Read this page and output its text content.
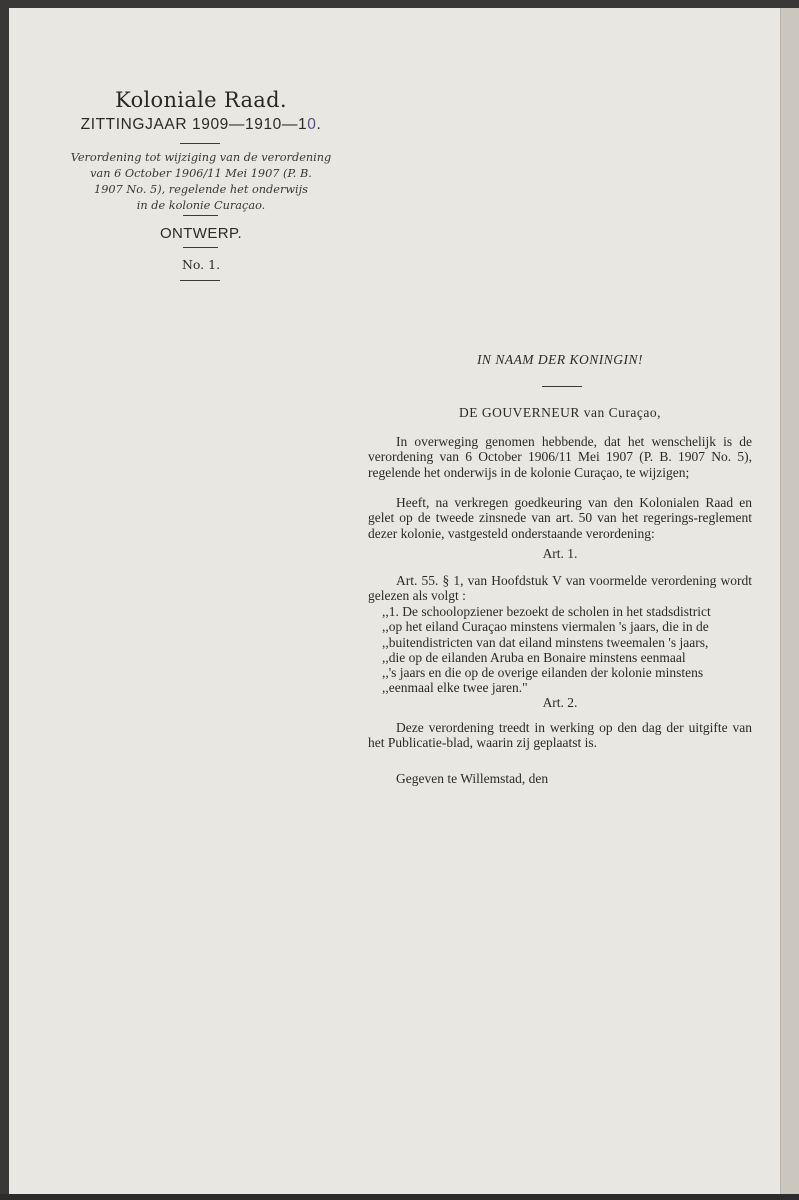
Koloniale Raad.
ZITTINGJAAR 1909—1910—10.
Verordening tot wijziging van de verordening
van 6 October 1906/11 Mei 1907 (P. B.
1907 No. 5), regelende het onderwijs
in de kolonie Curaçao.
ONTWERP.
No. 1.
IN NAAM DER KONINGIN!
DE GOUVERNEUR van Curaçao,
In overweging genomen hebbende, dat het wenschelijk is de verordening van 6 October 1906/11 Mei 1907 (P. B. 1907 No. 5), regelende het onderwijs in de kolonie Curaçao, te wijzigen;
Heeft, na verkregen goedkeuring van den Kolonialen Raad en gelet op de tweede zinsnede van art. 50 van het regerings-reglement dezer kolonie, vastgesteld onderstaande verordening:
Art. 1.
Art. 55. § 1, van Hoofdstuk V van voormelde verordening wordt gelezen als volgt :
,,1. De schoolopziener bezoekt de scholen in het stadsdistrict
,,op het eiland Curaçao minstens viermalen 's jaars, die in de
,,buitendistricten van dat eiland minstens tweemalen 's jaars,
,,die op de eilanden Aruba en Bonaire minstens eenmaal
,,'s jaars en die op de overige eilanden der kolonie minstens
,,eenmaal elke twee jaren."
Art. 2.
Deze verordening treedt in werking op den dag der uitgifte van het Publicatie-blad, waarin zij geplaatst is.
Gegeven te Willemstad, den
